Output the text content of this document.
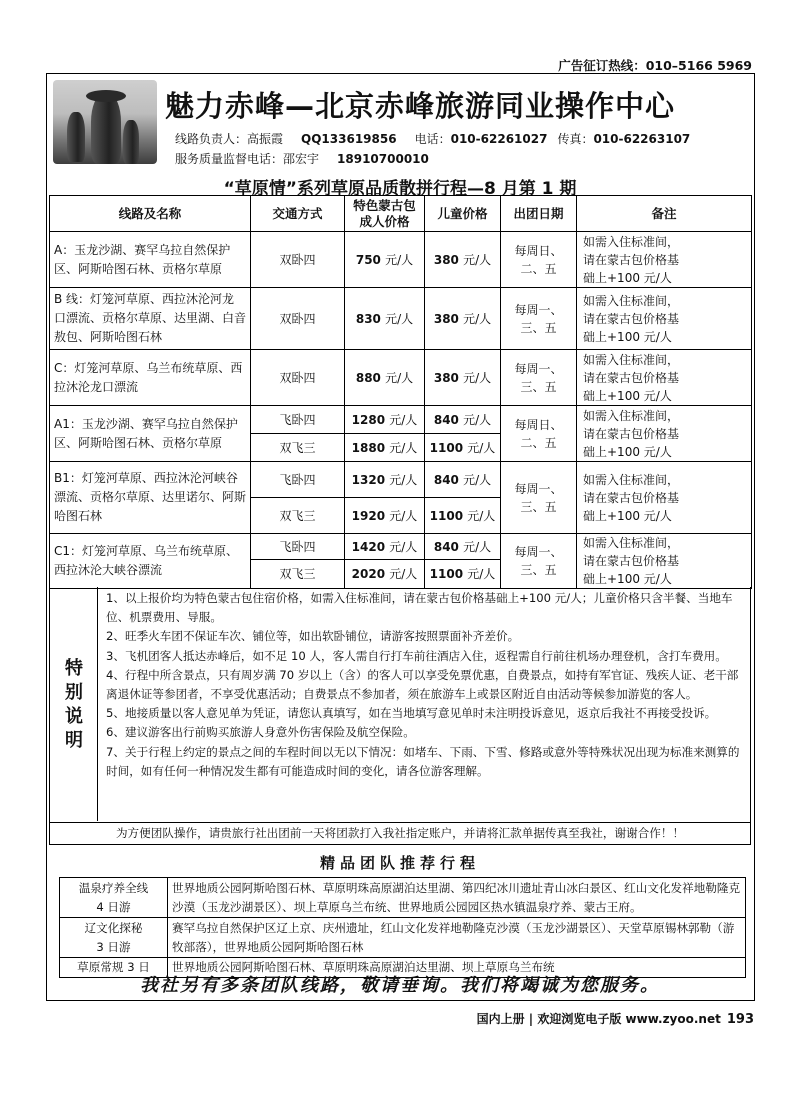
广告征订热线：010–5166 5969
魅力赤峰—北京赤峰旅游同业操作中心
线路负责人：高振霞 QQ133619856 电话：010-62261027 传真：010-62263107
服务质量监督电话：邵宏宇 18910700010
“草原情”系列草原品质散拼行程—8 月第 1 期
线路及名称	交通方式	特色蒙古包
成人价格	儿童价格	出团日期	备注
A：玉龙沙湖、赛罕乌拉自然保护区、阿斯哈图石林、贡格尔草原	双卧四	750 元/人	380 元/人	每周日、
二、五	如需入住标准间，
请在蒙古包价格基
础上+100 元/人
B 线：灯笼河草原、西拉沐沦河龙口漂流、贡格尔草原、达里湖、白音敖包、阿斯哈图石林	双卧四	830 元/人	380 元/人	每周一、
三、五	如需入住标准间，
请在蒙古包价格基
础上+100 元/人
C：灯笼河草原、乌兰布统草原、西拉沐沦龙口漂流	双卧四	880 元/人	380 元/人	每周一、
三、五	如需入住标准间，
请在蒙古包价格基
础上+100 元/人
A1：玉龙沙湖、赛罕乌拉自然保护区、阿斯哈图石林、贡格尔草原	飞卧四	1280 元/人	840 元/人	每周日、
二、五	如需入住标准间，
请在蒙古包价格基
础上+100 元/人
	双飞三	1880 元/人	1100 元/人		
B1：灯笼河草原、西拉沐沦河峡谷漂流、贡格尔草原、达里诺尔、阿斯哈图石林	飞卧四	1320 元/人	840 元/人	每周一、
三、五	如需入住标准间，
请在蒙古包价格基
础上+100 元/人
	双飞三	1920 元/人	1100 元/人		
C1：灯笼河草原、乌兰布统草原、西拉沐沦大峡谷漂流	飞卧四	1420 元/人	840 元/人	每周一、
三、五	如需入住标准间，
请在蒙古包价格基
础上+100 元/人
	双飞三	2020 元/人	1100 元/人		
特别说明
1、以上报价均为特色蒙古包住宿价格，如需入住标准间，请在蒙古包价格基础上+100 元/人；儿童价格只含半餐、当地车位、机票费用、导服。
2、旺季火车团不保证车次、铺位等，如出软卧铺位，请游客按照票面补齐差价。
3、飞机团客人抵达赤峰后，如不足 10 人，客人需自行打车前往酒店入住，返程需自行前往机场办理登机，含打车费用。
4、行程中所含景点，只有周岁满 70 岁以上（含）的客人可以享受免票优惠，自费景点，如持有军官证、残疾人证、老干部离退休证等参团者，不享受优惠活动；自费景点不参加者，须在旅游车上或景区附近自由活动等候参加游览的客人。
5、地接质量以客人意见单为凭证，请您认真填写，如在当地填写意见单时未注明投诉意见，返京后我社不再接受投诉。
6、建议游客出行前购买旅游人身意外伤害保险及航空保险。
7、关于行程上约定的景点之间的车程时间以无以下情况：如堵车、下雨、下雪、修路或意外等特殊状况出现为标准来测算的时间，如有任何一种情况发生都有可能造成时间的变化，请各位游客理解。
为方便团队操作，请贵旅行社出团前一天将团款打入我社指定账户，并请将汇款单据传真至我社，谢谢合作！！
精品团队推荐行程
温泉疗养全线
4 日游	世界地质公园阿斯哈图石林、草原明珠高原湖泊达里湖、第四纪冰川遗址青山冰臼景区、红山文化发祥地勒隆克沙漠（玉龙沙湖景区）、坝上草原乌兰布统、世界地质公园园区热水镇温泉疗养、蒙古王府。
辽文化探秘
3 日游	赛罕乌拉自然保护区辽上京、庆州遗址，红山文化发祥地勒隆克沙漠（玉龙沙湖景区）、天堂草原锡林郭勒（游牧部落），世界地质公园阿斯哈图石林
草原常规 3 日	世界地质公园阿斯哈图石林、草原明珠高原湖泊达里湖、坝上草原乌兰布统
我社另有多条团队线路，敬请垂询。我们将竭诚为您服务。
国内上册 | 欢迎浏览电子版 www.zyoo.net 193
